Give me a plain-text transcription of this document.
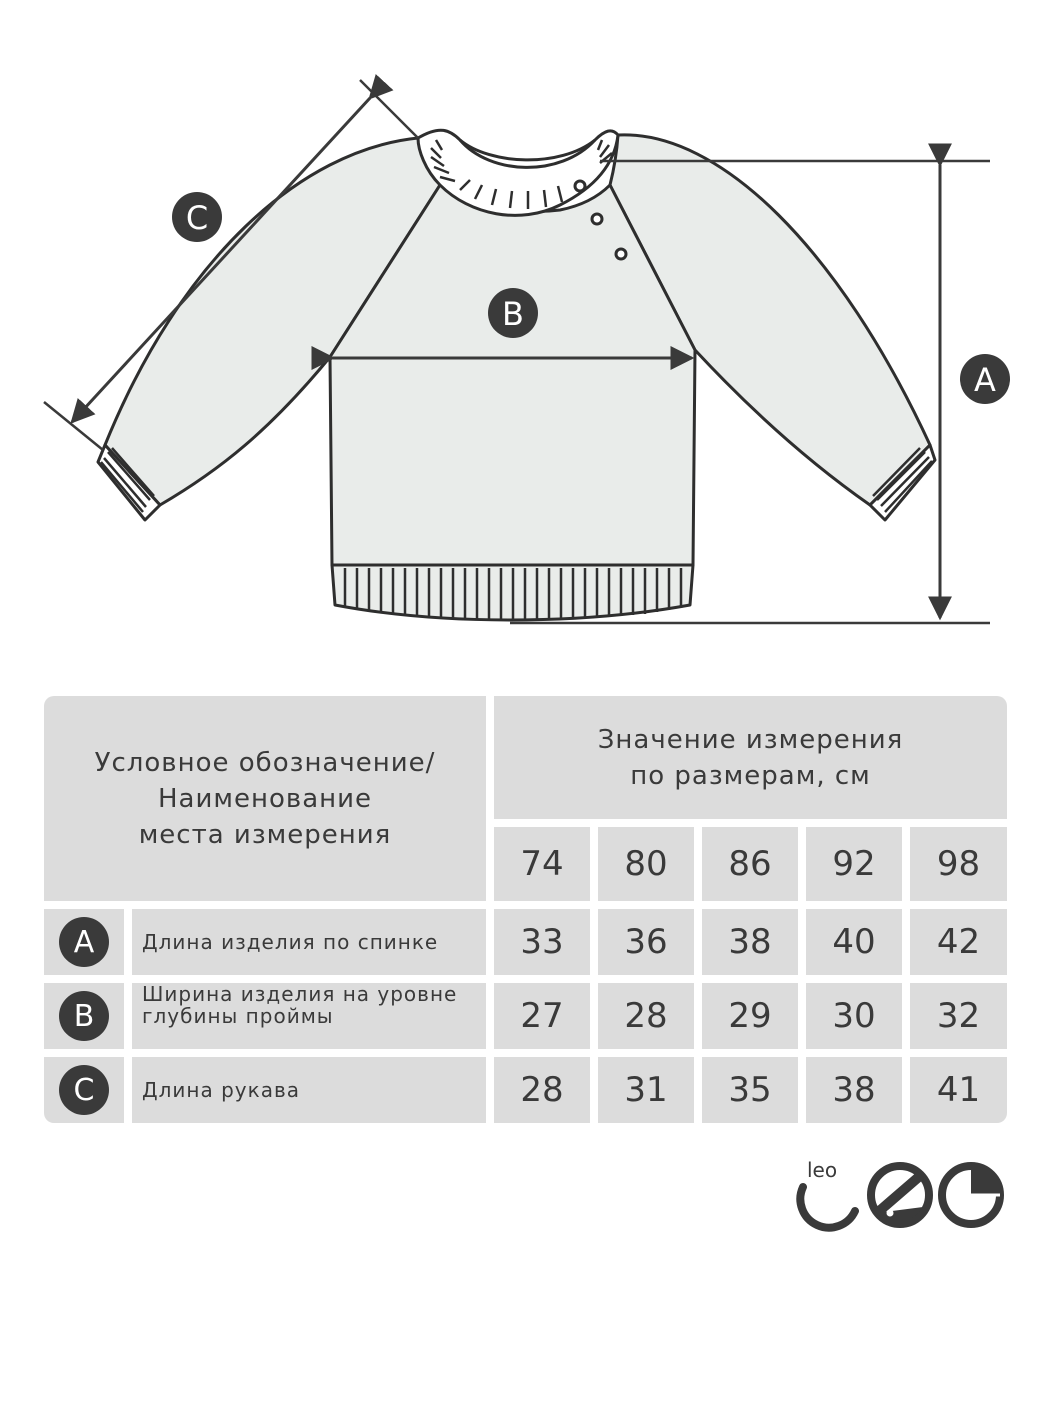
C
B
A
Условное обозначение/
Наименование
места измерения
Значение измерения
по размерам, см
74 80 86 92 98
A	Длина изделия по спинке 33 36 38 40 42
B
Ширина изделия на уровне
глубины проймы	27 28 29 30 32
C	Длина рукава	28 31 35 38 41
leo
